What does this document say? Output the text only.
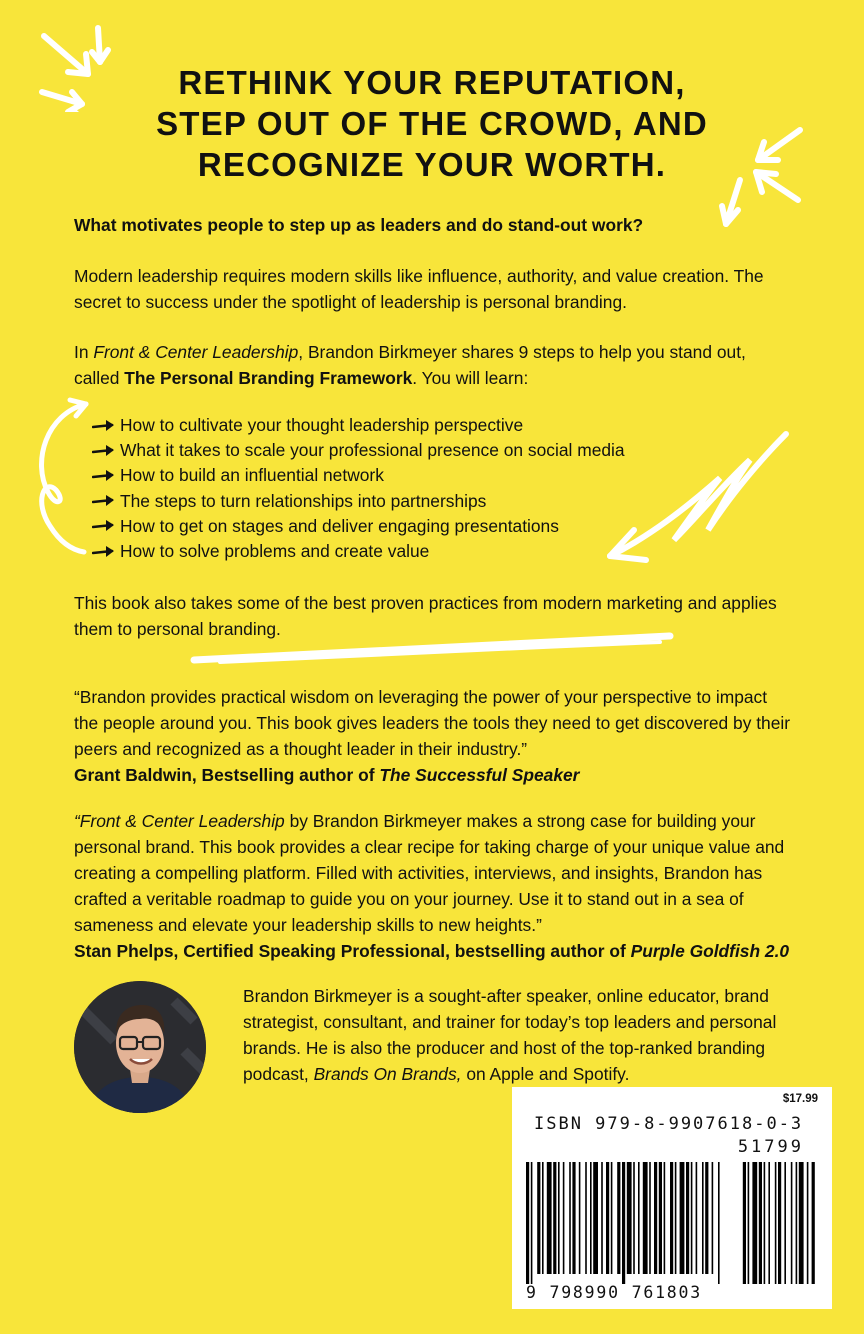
RETHINK YOUR REPUTATION,
STEP OUT OF THE CROWD, AND
RECOGNIZE YOUR WORTH.

What motivates people to step up as leaders and do stand-out work?

Modern leadership requires modern skills like influence, authority, and value creation. The secret to success under the spotlight of leadership is personal branding.

In Front & Center Leadership, Brandon Birkmeyer shares 9 steps to help you stand out, called The Personal Branding Framework. You will learn:

How to cultivate your thought leadership perspective
What it takes to scale your professional presence on social media
How to build an influential network
The steps to turn relationships into partnerships
How to get on stages and deliver engaging presentations
How to solve problems and create value

This book also takes some of the best proven practices from modern marketing and applies them to personal branding.

“Brandon provides practical wisdom on leveraging the power of your perspective to impact the people around you. This book gives leaders the tools they need to get discovered by their peers and recognized as a thought leader in their industry.”
Grant Baldwin, Bestselling author of The Successful Speaker
“Front & Center Leadership by Brandon Birkmeyer makes a strong case for building your personal brand. This book provides a clear recipe for taking charge of your unique value and creating a compelling platform. Filled with activities, interviews, and insights, Brandon has crafted a veritable roadmap to guide you on your journey. Use it to stand out in a sea of sameness and elevate your leadership skills to new heights.”
Stan Phelps, Certified Speaking Professional, bestselling author of Purple Goldfish 2.0

Brandon Birkmeyer is a sought-after speaker, online educator, brand strategist, consultant, and trainer for today’s top leaders and personal brands. He is also the producer and host of the top-ranked branding podcast, Brands On Brands, on Apple and Spotify.

$17.99
ISBN 979-8-9907618-0-3
51799
9 798990 761803
